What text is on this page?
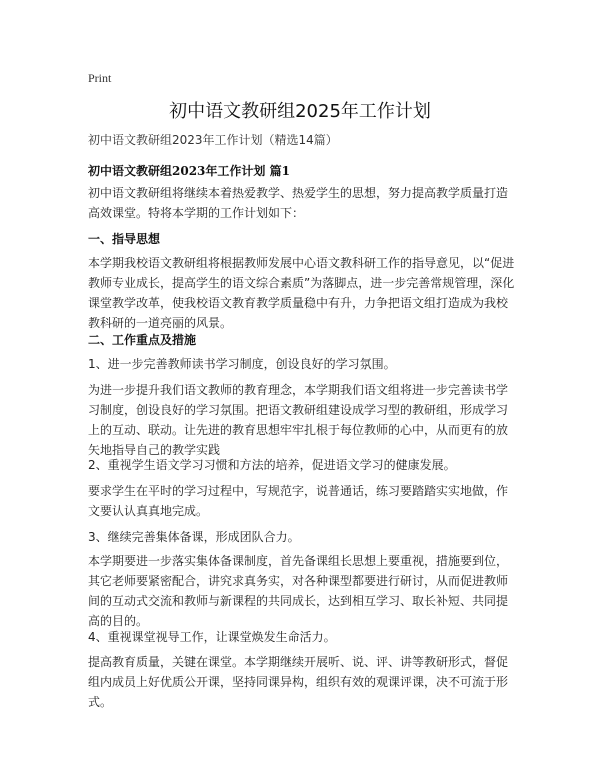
Print
初中语文教研组2025年工作计划

初中语文教研组2023年工作计划（精选14篇）

初中语文教研组2023年工作计划 篇1

初中语文教研组将继续本着热爱教学、热爱学生的思想，努力提高教学质量打造高效课堂。特将本学期的工作计划如下：

一、指导思想

本学期我校语文教研组将根据教师发展中心语文教科研工作的指导意见，以“促进教师专业成长，提高学生的语文综合素质”为落脚点，进一步完善常规管理，深化课堂教学改革，使我校语文教育教学质量稳中有升，力争把语文组打造成为我校教科研的一道亮丽的风景。

二、工作重点及措施

1、进一步完善教师读书学习制度，创设良好的学习氛围。

为进一步提升我们语文教师的教育理念，本学期我们语文组将进一步完善读书学习制度，创设良好的学习氛围。把语文教研组建设成学习型的教研组，形成学习上的互动、联动。让先进的教育思想牢牢扎根于每位教师的心中，从而更有的放矢地指导自己的教学实践

2、重视学生语文学习习惯和方法的培养，促进语文学习的健康发展。

要求学生在平时的学习过程中，写规范字，说普通话，练习要踏踏实实地做，作文要认认真真地完成。

3、继续完善集体备课，形成团队合力。

本学期要进一步落实集体备课制度，首先备课组长思想上要重视，措施要到位，其它老师要紧密配合，讲究求真务实，对各种课型都要进行研讨，从而促进教师间的互动式交流和教师与新课程的共同成长，达到相互学习、取长补短、共同提高的目的。

4、重视课堂视导工作，让课堂焕发生命活力。

提高教育质量，关键在课堂。本学期继续开展听、说、评、讲等教研形式，督促组内成员上好优质公开课，坚持同课异构，组织有效的观课评课，决不可流于形式。
